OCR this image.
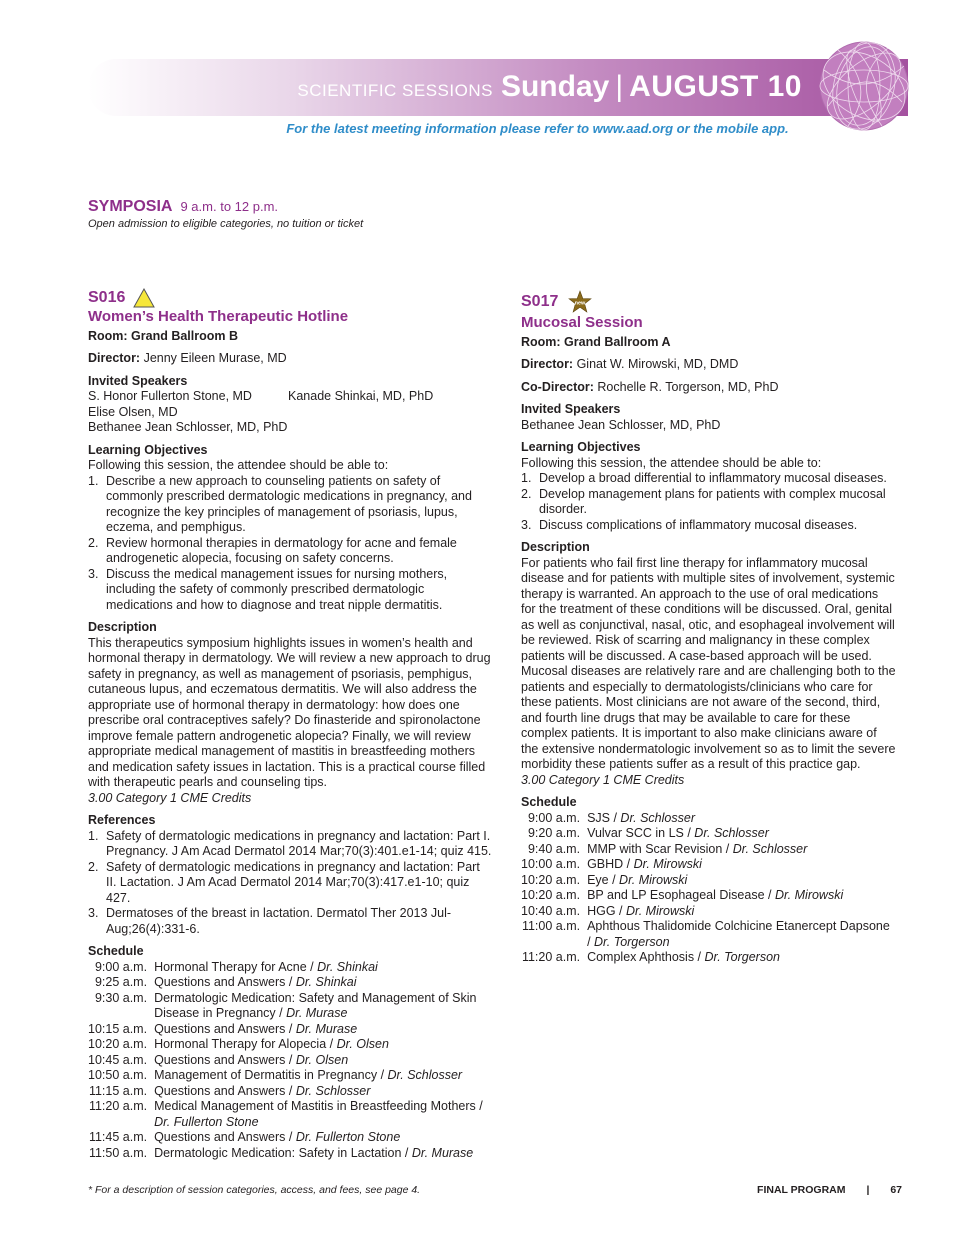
SCIENTIFIC SESSIONS Sunday | AUGUST 10
For the latest meeting information please refer to www.aad.org or the mobile app.
SYMPOSIA 9 a.m. to 12 p.m.
Open admission to eligible categories, no tuition or ticket
S016
Women’s Health Therapeutic Hotline
Room: Grand Ballroom B
Director: Jenny Eileen Murase, MD
Invited Speakers
S. Honor Fullerton Stone, MD	Kanade Shinkai, MD, PhD
Elise Olsen, MD
Bethanee Jean Schlosser, MD, PhD
Learning Objectives
Following this session, the attendee should be able to:
1. Describe a new approach to counseling patients on safety of commonly prescribed dermatologic medications in pregnancy, and recognize the key principles of management of psoriasis, lupus, eczema, and pemphigus.
2. Review hormonal therapies in dermatology for acne and female androgenetic alopecia, focusing on safety concerns.
3. Discuss the medical management issues for nursing mothers, including the safety of commonly prescribed dermatologic medications and how to diagnose and treat nipple dermatitis.
Description
This therapeutics symposium highlights issues in women’s health and hormonal therapy in dermatology. We will review a new approach to drug safety in pregnancy, as well as management of psoriasis, pemphigus, cutaneous lupus, and eczematous dermatitis. We will also address the appropriate use of hormonal therapy in dermatology: how does one prescribe oral contraceptives safely? Do finasteride and spironolactone improve female pattern androgenetic alopecia? Finally, we will review appropriate medical management of mastitis in breastfeeding mothers and medication safety issues in lactation. This is a practical course filled with therapeutic pearls and counseling tips.
3.00 Category 1 CME Credits
References
1. Safety of dermatologic medications in pregnancy and lactation: Part I. Pregnancy. J Am Acad Dermatol 2014 Mar;70(3):401.e1-14; quiz 415.
2. Safety of dermatologic medications in pregnancy and lactation: Part II. Lactation. J Am Acad Dermatol 2014 Mar;70(3):417.e1-10; quiz 427.
3. Dermatoses of the breast in lactation. Dermatol Ther 2013 Jul-Aug;26(4):331-6.
Schedule
9:00 a.m.	Hormonal Therapy for Acne / Dr. Shinkai
9:25 a.m.	Questions and Answers / Dr. Shinkai
9:30 a.m.	Dermatologic Medication: Safety and Management of Skin Disease in Pregnancy / Dr. Murase
10:15 a.m.	Questions and Answers / Dr. Murase
10:20 a.m.	Hormonal Therapy for Alopecia / Dr. Olsen
10:45 a.m.	Questions and Answers / Dr. Olsen
10:50 a.m.	Management of Dermatitis in Pregnancy / Dr. Schlosser
11:15 a.m.	Questions and Answers / Dr. Schlosser
11:20 a.m.	Medical Management of Mastitis in Breastfeeding Mothers / Dr. Fullerton Stone
11:45 a.m.	Questions and Answers / Dr. Fullerton Stone
11:50 a.m.	Dermatologic Medication: Safety in Lactation / Dr. Murase
S017	new
Mucosal Session
Room: Grand Ballroom A
Director: Ginat W. Mirowski, MD, DMD
Co-Director: Rochelle R. Torgerson, MD, PhD
Invited Speakers
Bethanee Jean Schlosser, MD, PhD
Learning Objectives
Following this session, the attendee should be able to:
1. Develop a broad differential to inflammatory mucosal diseases.
2. Develop management plans for patients with complex mucosal disorder.
3. Discuss complications of inflammatory mucosal diseases.
Description
For patients who fail first line therapy for inflammatory mucosal disease and for patients with multiple sites of involvement, systemic therapy is warranted. An approach to the use of oral medications for the treatment of these conditions will be discussed. Oral, genital as well as conjunctival, nasal, otic, and esophageal involvement will be reviewed. Risk of scarring and malignancy in these complex patients will be discussed. A case-based approach will be used. Mucosal diseases are relatively rare and are challenging both to the patients and especially to dermatologists/clinicians who care for these patients. Most clinicians are not aware of the second, third, and fourth line drugs that may be available to care for these complex patients. It is important to also make clinicians aware of the extensive nondermatologic involvement so as to limit the severe morbidity these patients suffer as a result of this practice gap.
3.00 Category 1 CME Credits
Schedule
9:00 a.m.	SJS / Dr. Schlosser
9:20 a.m.	Vulvar SCC in LS / Dr. Schlosser
9:40 a.m.	MMP with Scar Revision / Dr. Schlosser
10:00 a.m.	GBHD / Dr. Mirowski
10:20 a.m.	Eye / Dr. Mirowski
10:20 a.m.	BP and LP Esophageal Disease / Dr. Mirowski
10:40 a.m.	HGG / Dr. Mirowski
11:00 a.m.	Aphthous Thalidomide Colchicine Etanercept Dapsone / Dr. Torgerson
11:20 a.m.	Complex Aphthosis / Dr. Torgerson
* For a description of session categories, access, and fees, see page 4.	FINAL PROGRAM | 67
